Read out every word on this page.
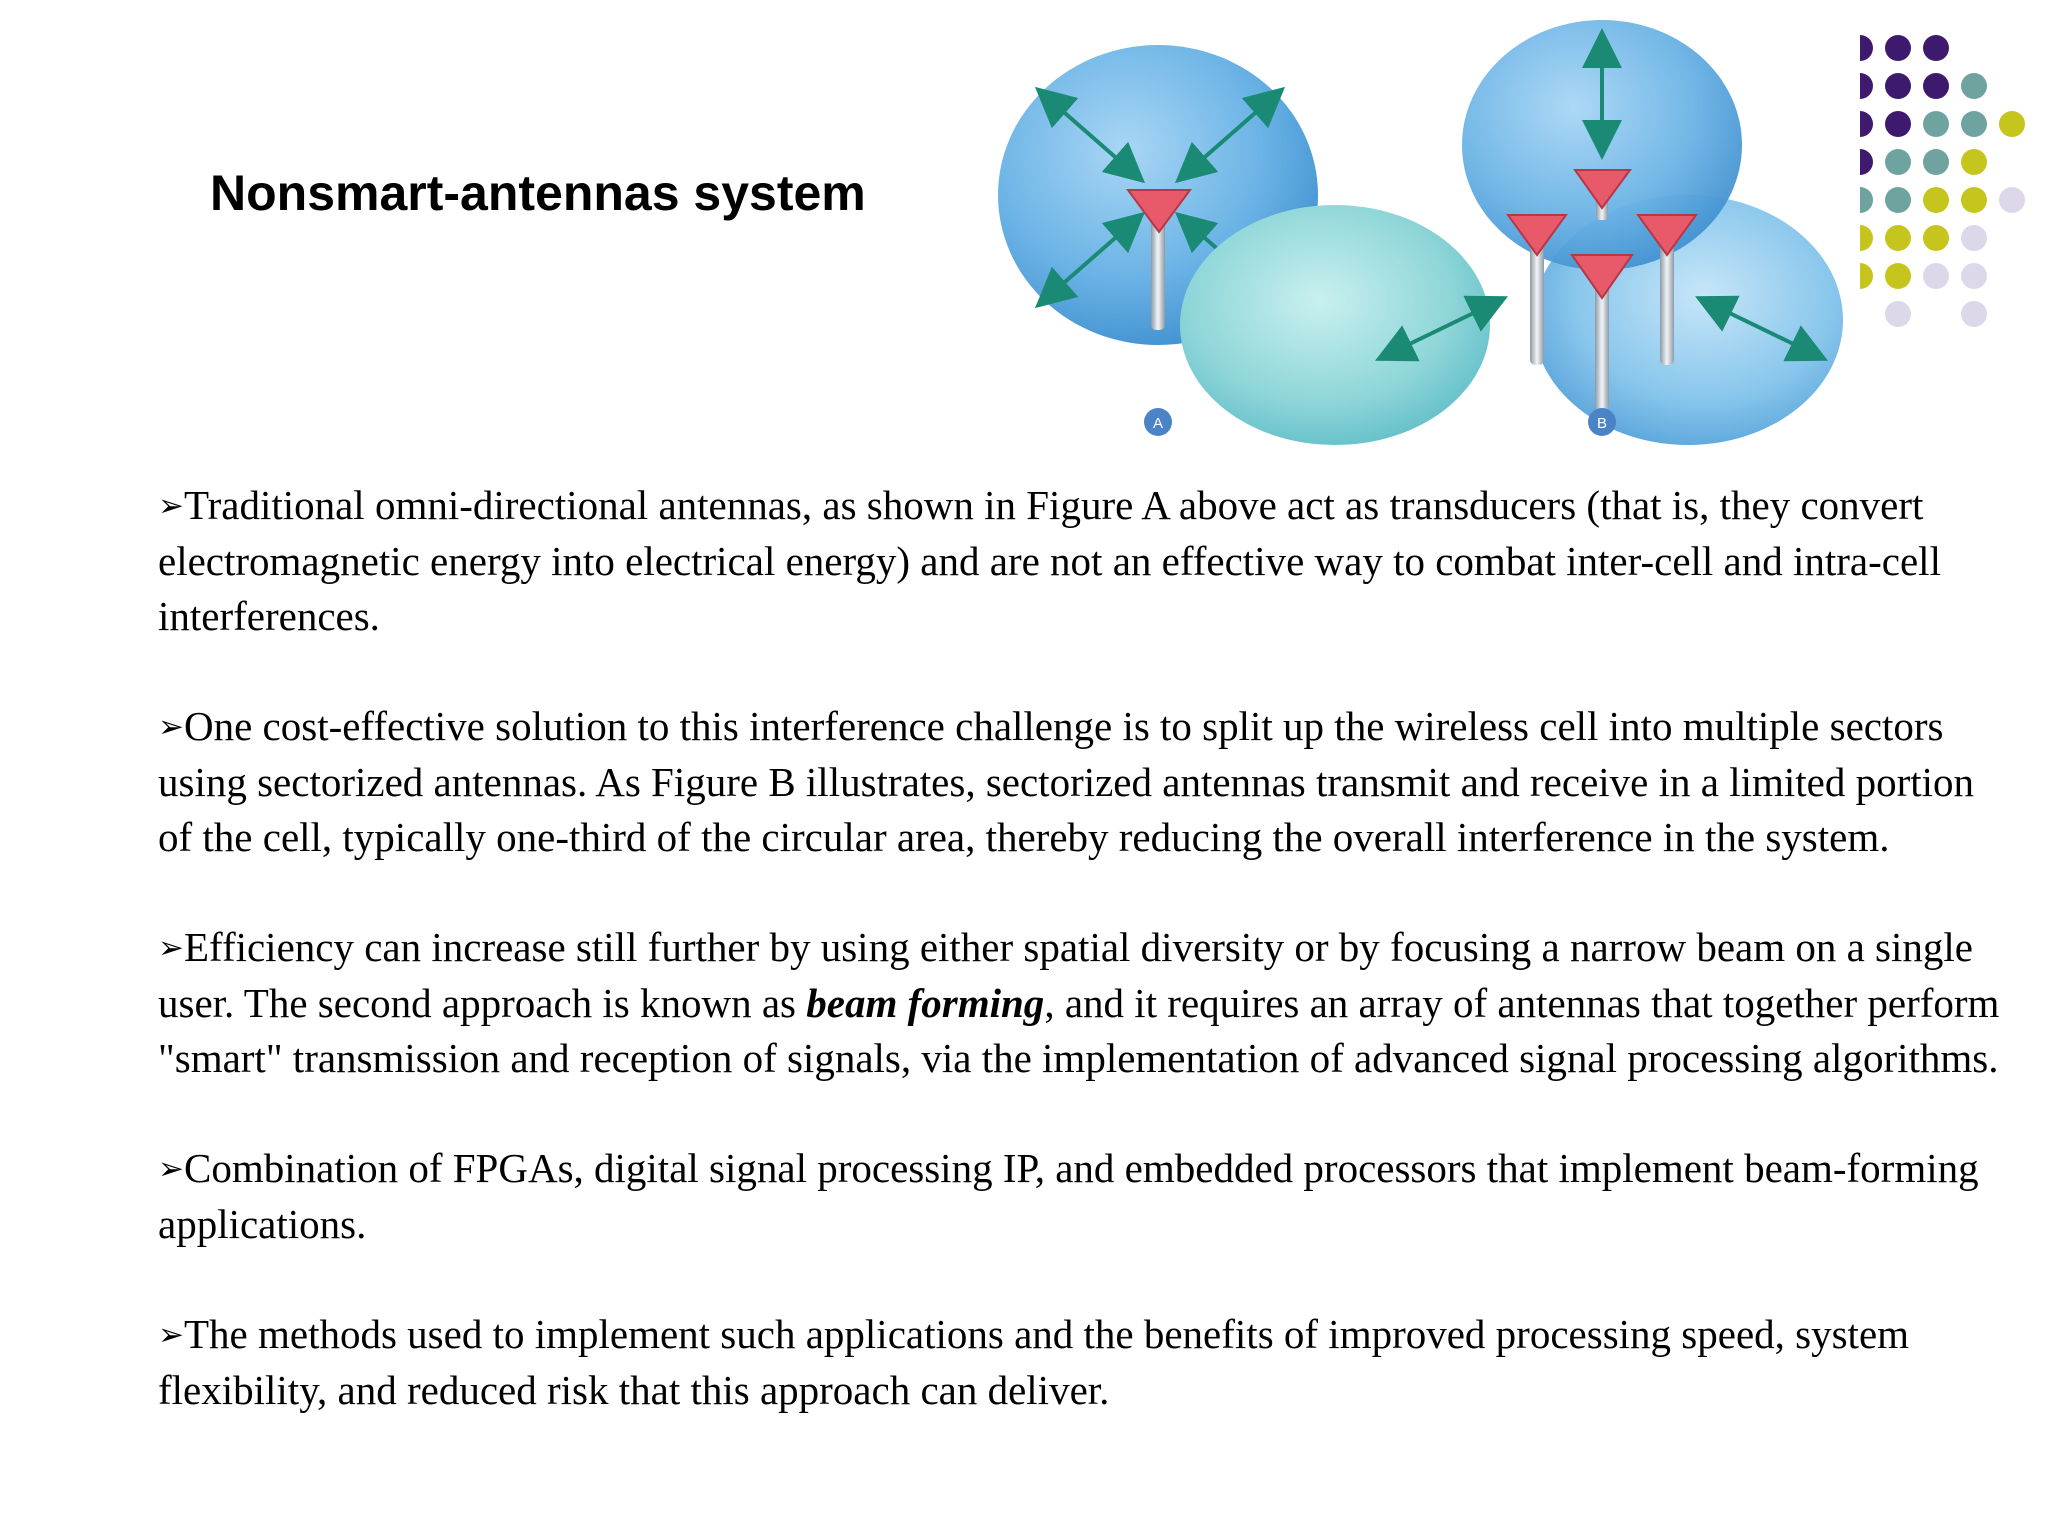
Nonsmart-antennas system
A	B

➢Traditional omni-directional antennas, as shown in Figure A above act as transducers (that is, they convert electromagnetic energy into electrical energy) and are not an effective way to combat inter-cell and intra-cell interferences.

➢One cost-effective solution to this interference challenge is to split up the wireless cell into multiple sectors using sectorized antennas. As Figure B illustrates, sectorized antennas transmit and receive in a limited portion of the cell, typically one-third of the circular area, thereby reducing the overall interference in the system.

➢Efficiency can increase still further by using either spatial diversity or by focusing a narrow beam on a single user. The second approach is known as beam forming, and it requires an array of antennas that together perform "smart" transmission and reception of signals, via the implementation of advanced signal processing algorithms.

➢Combination of FPGAs, digital signal processing IP, and embedded processors that implement beam-forming applications.

➢The methods used to implement such applications and the benefits of improved processing speed, system flexibility, and reduced risk that this approach can deliver.
